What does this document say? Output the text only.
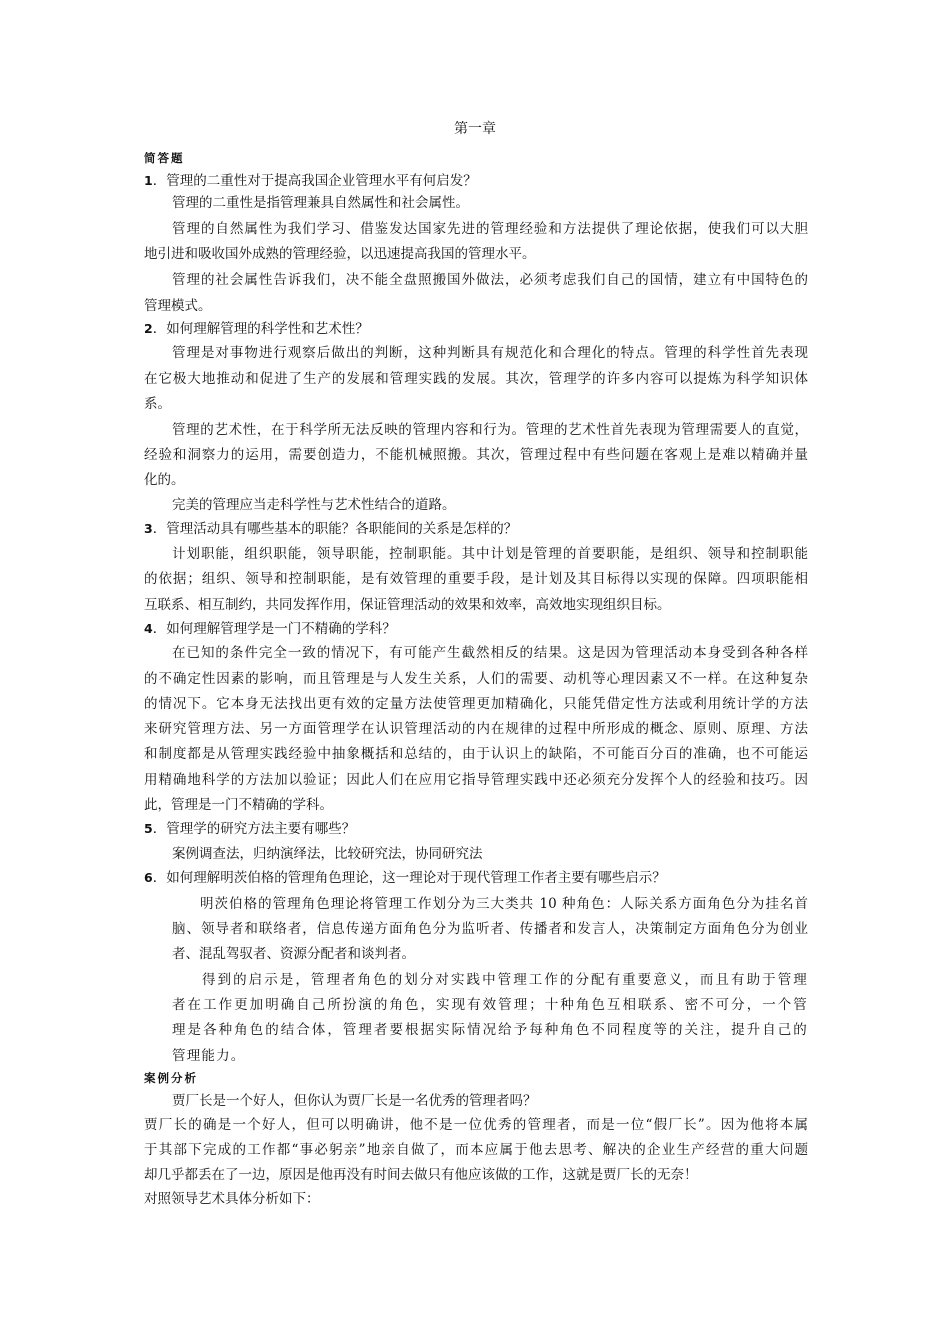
第一章
简答题
1．管理的二重性对于提高我国企业管理水平有何启发？
管理的二重性是指管理兼具自然属性和社会属性。
管理的自然属性为我们学习、借鉴发达国家先进的管理经验和方法提供了理论依据，使我们可以大胆
地引进和吸收国外成熟的管理经验，以迅速提高我国的管理水平。
管理的社会属性告诉我们，决不能全盘照搬国外做法，必须考虑我们自己的国情，建立有中国特色的
管理模式。
2．如何理解管理的科学性和艺术性？
管理是对事物进行观察后做出的判断，这种判断具有规范化和合理化的特点。管理的科学性首先表现
在它极大地推动和促进了生产的发展和管理实践的发展。其次，管理学的许多内容可以提炼为科学知识体
系。
管理的艺术性，在于科学所无法反映的管理内容和行为。管理的艺术性首先表现为管理需要人的直觉，
经验和洞察力的运用，需要创造力，不能机械照搬。其次，管理过程中有些问题在客观上是难以精确并量
化的。
完美的管理应当走科学性与艺术性结合的道路。
3．管理活动具有哪些基本的职能？各职能间的关系是怎样的？
计划职能，组织职能，领导职能，控制职能。其中计划是管理的首要职能，是组织、领导和控制职能
的依据；组织、领导和控制职能，是有效管理的重要手段，是计划及其目标得以实现的保障。四项职能相
互联系、相互制约，共同发挥作用，保证管理活动的效果和效率，高效地实现组织目标。
4．如何理解管理学是一门不精确的学科？
在已知的条件完全一致的情况下，有可能产生截然相反的结果。这是因为管理活动本身受到各种各样
的不确定性因素的影响，而且管理是与人发生关系，人们的需要、动机等心理因素又不一样。在这种复杂
的情况下。它本身无法找出更有效的定量方法使管理更加精确化，只能凭借定性方法或利用统计学的方法
来研究管理方法、另一方面管理学在认识管理活动的内在规律的过程中所形成的概念、原则、原理、方法
和制度都是从管理实践经验中抽象概括和总结的，由于认识上的缺陷，不可能百分百的准确，也不可能运
用精确地科学的方法加以验证；因此人们在应用它指导管理实践中还必须充分发挥个人的经验和技巧。因
此，管理是一门不精确的学科。
5．管理学的研究方法主要有哪些？
案例调查法，归纳演绎法，比较研究法，协同研究法
6．如何理解明茨伯格的管理角色理论，这一理论对于现代管理工作者主要有哪些启示？
明茨伯格的管理角色理论将管理工作划分为三大类共 10 种角色：人际关系方面角色分为挂名首
脑、领导者和联络者，信息传递方面角色分为监听者、传播者和发言人，决策制定方面角色分为创业
者、混乱驾驭者、资源分配者和谈判者。
得到的启示是，管理者角色的划分对实践中管理工作的分配有重要意义，而且有助于管理
者在工作更加明确自己所扮演的角色，实现有效管理；十种角色互相联系、密不可分，一个管
理是各种角色的结合体，管理者要根据实际情况给予每种角色不同程度等的关注，提升自己的
管理能力。
案例分析
贾厂长是一个好人，但你认为贾厂长是一名优秀的管理者吗？
贾厂长的确是一个好人，但可以明确讲，他不是一位优秀的管理者，而是一位“假厂长”。因为他将本属
于其部下完成的工作都“事必躬亲”地亲自做了，而本应属于他去思考、解决的企业生产经营的重大问题
却几乎都丢在了一边，原因是他再没有时间去做只有他应该做的工作，这就是贾厂长的无奈！
对照领导艺术具体分析如下：
